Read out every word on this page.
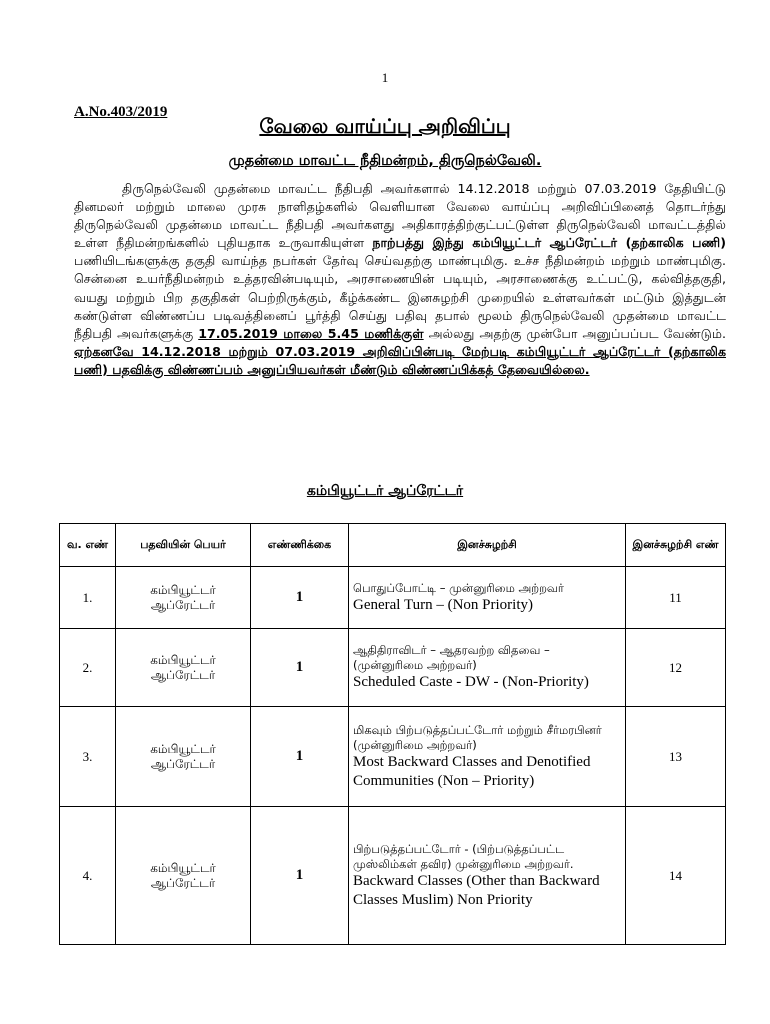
1
A.No.403/2019
வேலை வாய்ப்பு அறிவிப்பு
முதன்மை மாவட்ட நீதிமன்றம், திருநெல்வேலி.
திருநெல்வேலி முதன்மை மாவட்ட நீதிபதி அவர்களால் 14.12.2018 மற்றும் 07.03.2019 தேதியிட்டு தினமலர் மற்றும் மாலை முரசு நாளிதழ்களில் வெளியான வேலை வாய்ப்பு அறிவிப்பினைத் தொடர்ந்து திருநெல்வேலி முதன்மை மாவட்ட நீதிபதி அவர்களது அதிகாரத்திற்குட்பட்டுள்ள திருநெல்வேலி மாவட்டத்தில் உள்ள நீதிமன்றங்களில் புதியதாக உருவாகியுள்ள நாற்பத்து இந்து கம்பியூட்டர் ஆப்ரேட்டர் (தற்காலிக பணி) பணியிடங்களுக்கு தகுதி வாய்ந்த நபர்கள் தேர்வு செய்வதற்கு மாண்புமிகு. உச்ச நீதிமன்றம் மற்றும் மாண்புமிகு. சென்னை உயர்நீதிமன்றம் உத்தரவின்படியும், அரசாணையின் படியும், அரசாணைக்கு உட்பட்டு, கல்வித்தகுதி, வயது மற்றும் பிற தகுதிகள் பெற்றிருக்கும், கீழ்க்கண்ட இனசுழற்சி முறையில் உள்ளவர்கள் மட்டும் இத்துடன் கண்டுள்ள விண்ணப்ப படிவத்தினைப் பூர்த்தி செய்து பதிவு தபால் மூலம் திருநெல்வேலி முதன்மை மாவட்ட நீதிபதி அவர்களுக்கு 17.05.2019 மாலை 5.45 மணிக்குள் அல்லது அதற்கு முன்போ அனுப்பப்பட வேண்டும். ஏற்கனவே 14.12.2018 மற்றும் 07.03.2019 அறிவிப்பின்படி மேற்படி கம்பியூட்டர் ஆப்ரேட்டர் (தற்காலிக பணி) பதவிக்கு விண்ணப்பம் அனுப்பியவர்கள் மீண்டும் விண்ணப்பிக்கத் தேவையில்லை.
கம்பியூட்டர் ஆப்ரேட்டர்
வ. எண்	பதவியின் பெயர்	எண்ணிக்கை	இனச்சுழற்சி	இனச்சுழற்சி எண்
1.	கம்பியூட்டர் ஆப்ரேட்டர்	1	பொதுப்போட்டி – முன்னுரிமை அற்றவர்
General Turn – (Non Priority)	11
2.	கம்பியூட்டர் ஆப்ரேட்டர்	1	ஆதிதிராவிடர் – ஆதரவற்ற விதவை – (முன்னுரிமை அற்றவர்)
Scheduled Caste - DW - (Non-Priority)	12
3.	கம்பியூட்டர் ஆப்ரேட்டர்	1	மிகவும் பிற்படுத்தப்பட்டோர் மற்றும் சீர்மரபினர் (முன்னுரிமை அற்றவர்)
Most Backward Classes and Denotified Communities (Non – Priority)	13
4.	கம்பியூட்டர் ஆப்ரேட்டர்	1	பிற்படுத்தப்பட்டோர் - (பிற்படுத்தப்பட்ட முஸ்லிம்கள் தவிர) முன்னுரிமை அற்றவர்.
Backward Classes (Other than Backward Classes Muslim) Non Priority	14
